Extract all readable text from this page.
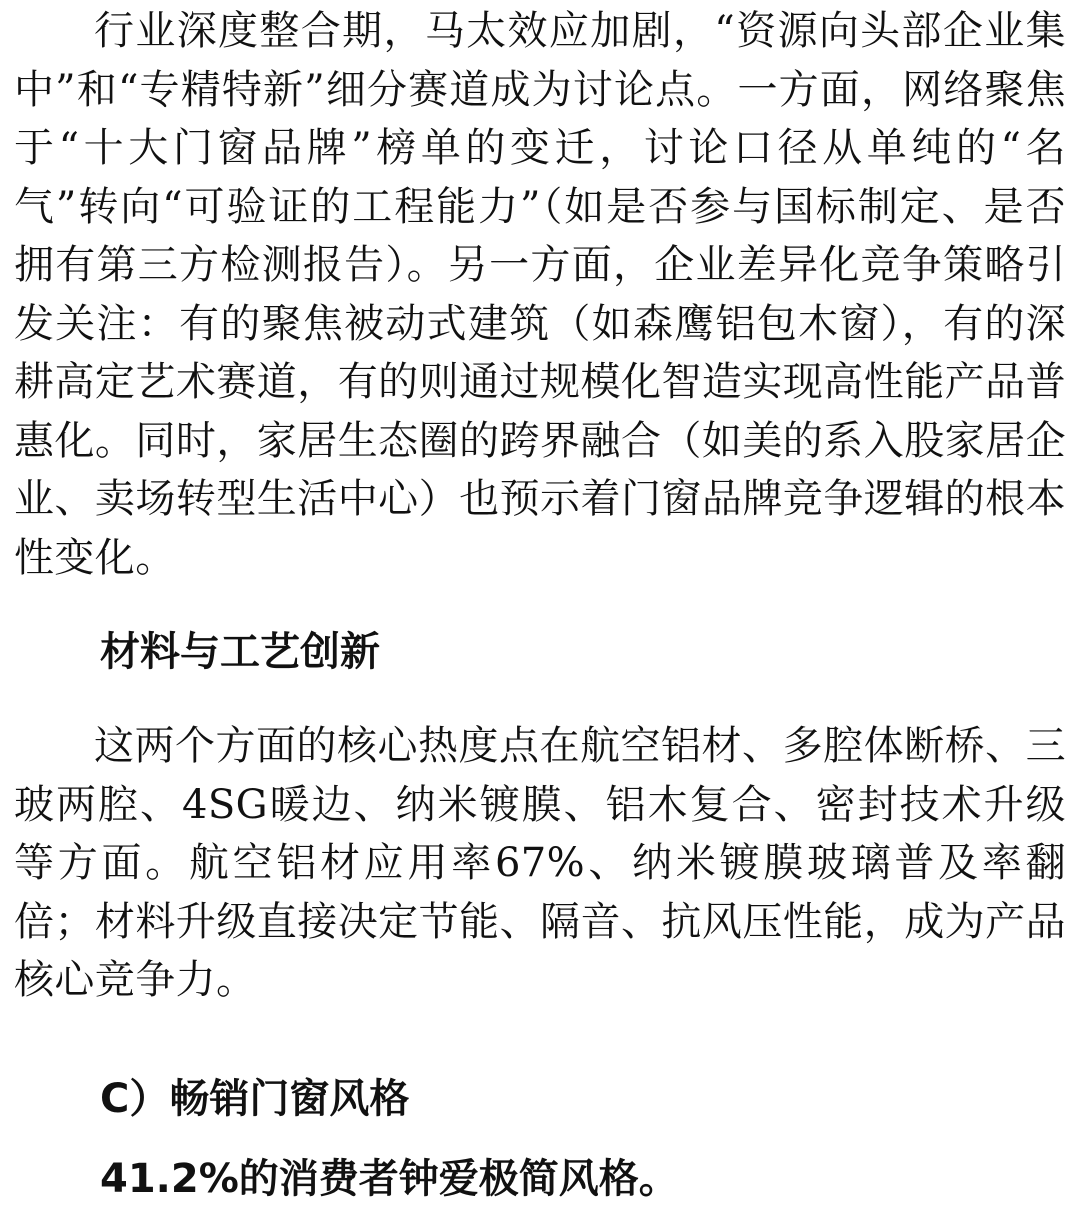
行业深度整合期，马太效应加剧，“资源向头部企业集中”和“专精特新”细分赛道成为讨论点。一方面，网络聚焦于“十大门窗品牌”榜单的变迁，讨论口径从单纯的“名气”转向“可验证的工程能力”（如是否参与国标制定、是否拥有第三方检测报告）。另一方面，企业差异化竞争策略引发关注：有的聚焦被动式建筑（如森鹰铝包木窗），有的深耕高定艺术赛道，有的则通过规模化智造实现高性能产品普惠化。同时，家居生态圈的跨界融合（如美的系入股家居企业、卖场转型生活中心）也预示着门窗品牌竞争逻辑的根本性变化。

材料与工艺创新

这两个方面的核心热度点在航空铝材、多腔体断桥、三玻两腔、4SG暖边、纳米镀膜、铝木复合、密封技术升级等方面。航空铝材应用率67%、纳米镀膜玻璃普及率翻倍；材料升级直接决定节能、隔音、抗风压性能，成为产品核心竞争力。

C）畅销门窗风格
41.2%的消费者钟爱极简风格。
